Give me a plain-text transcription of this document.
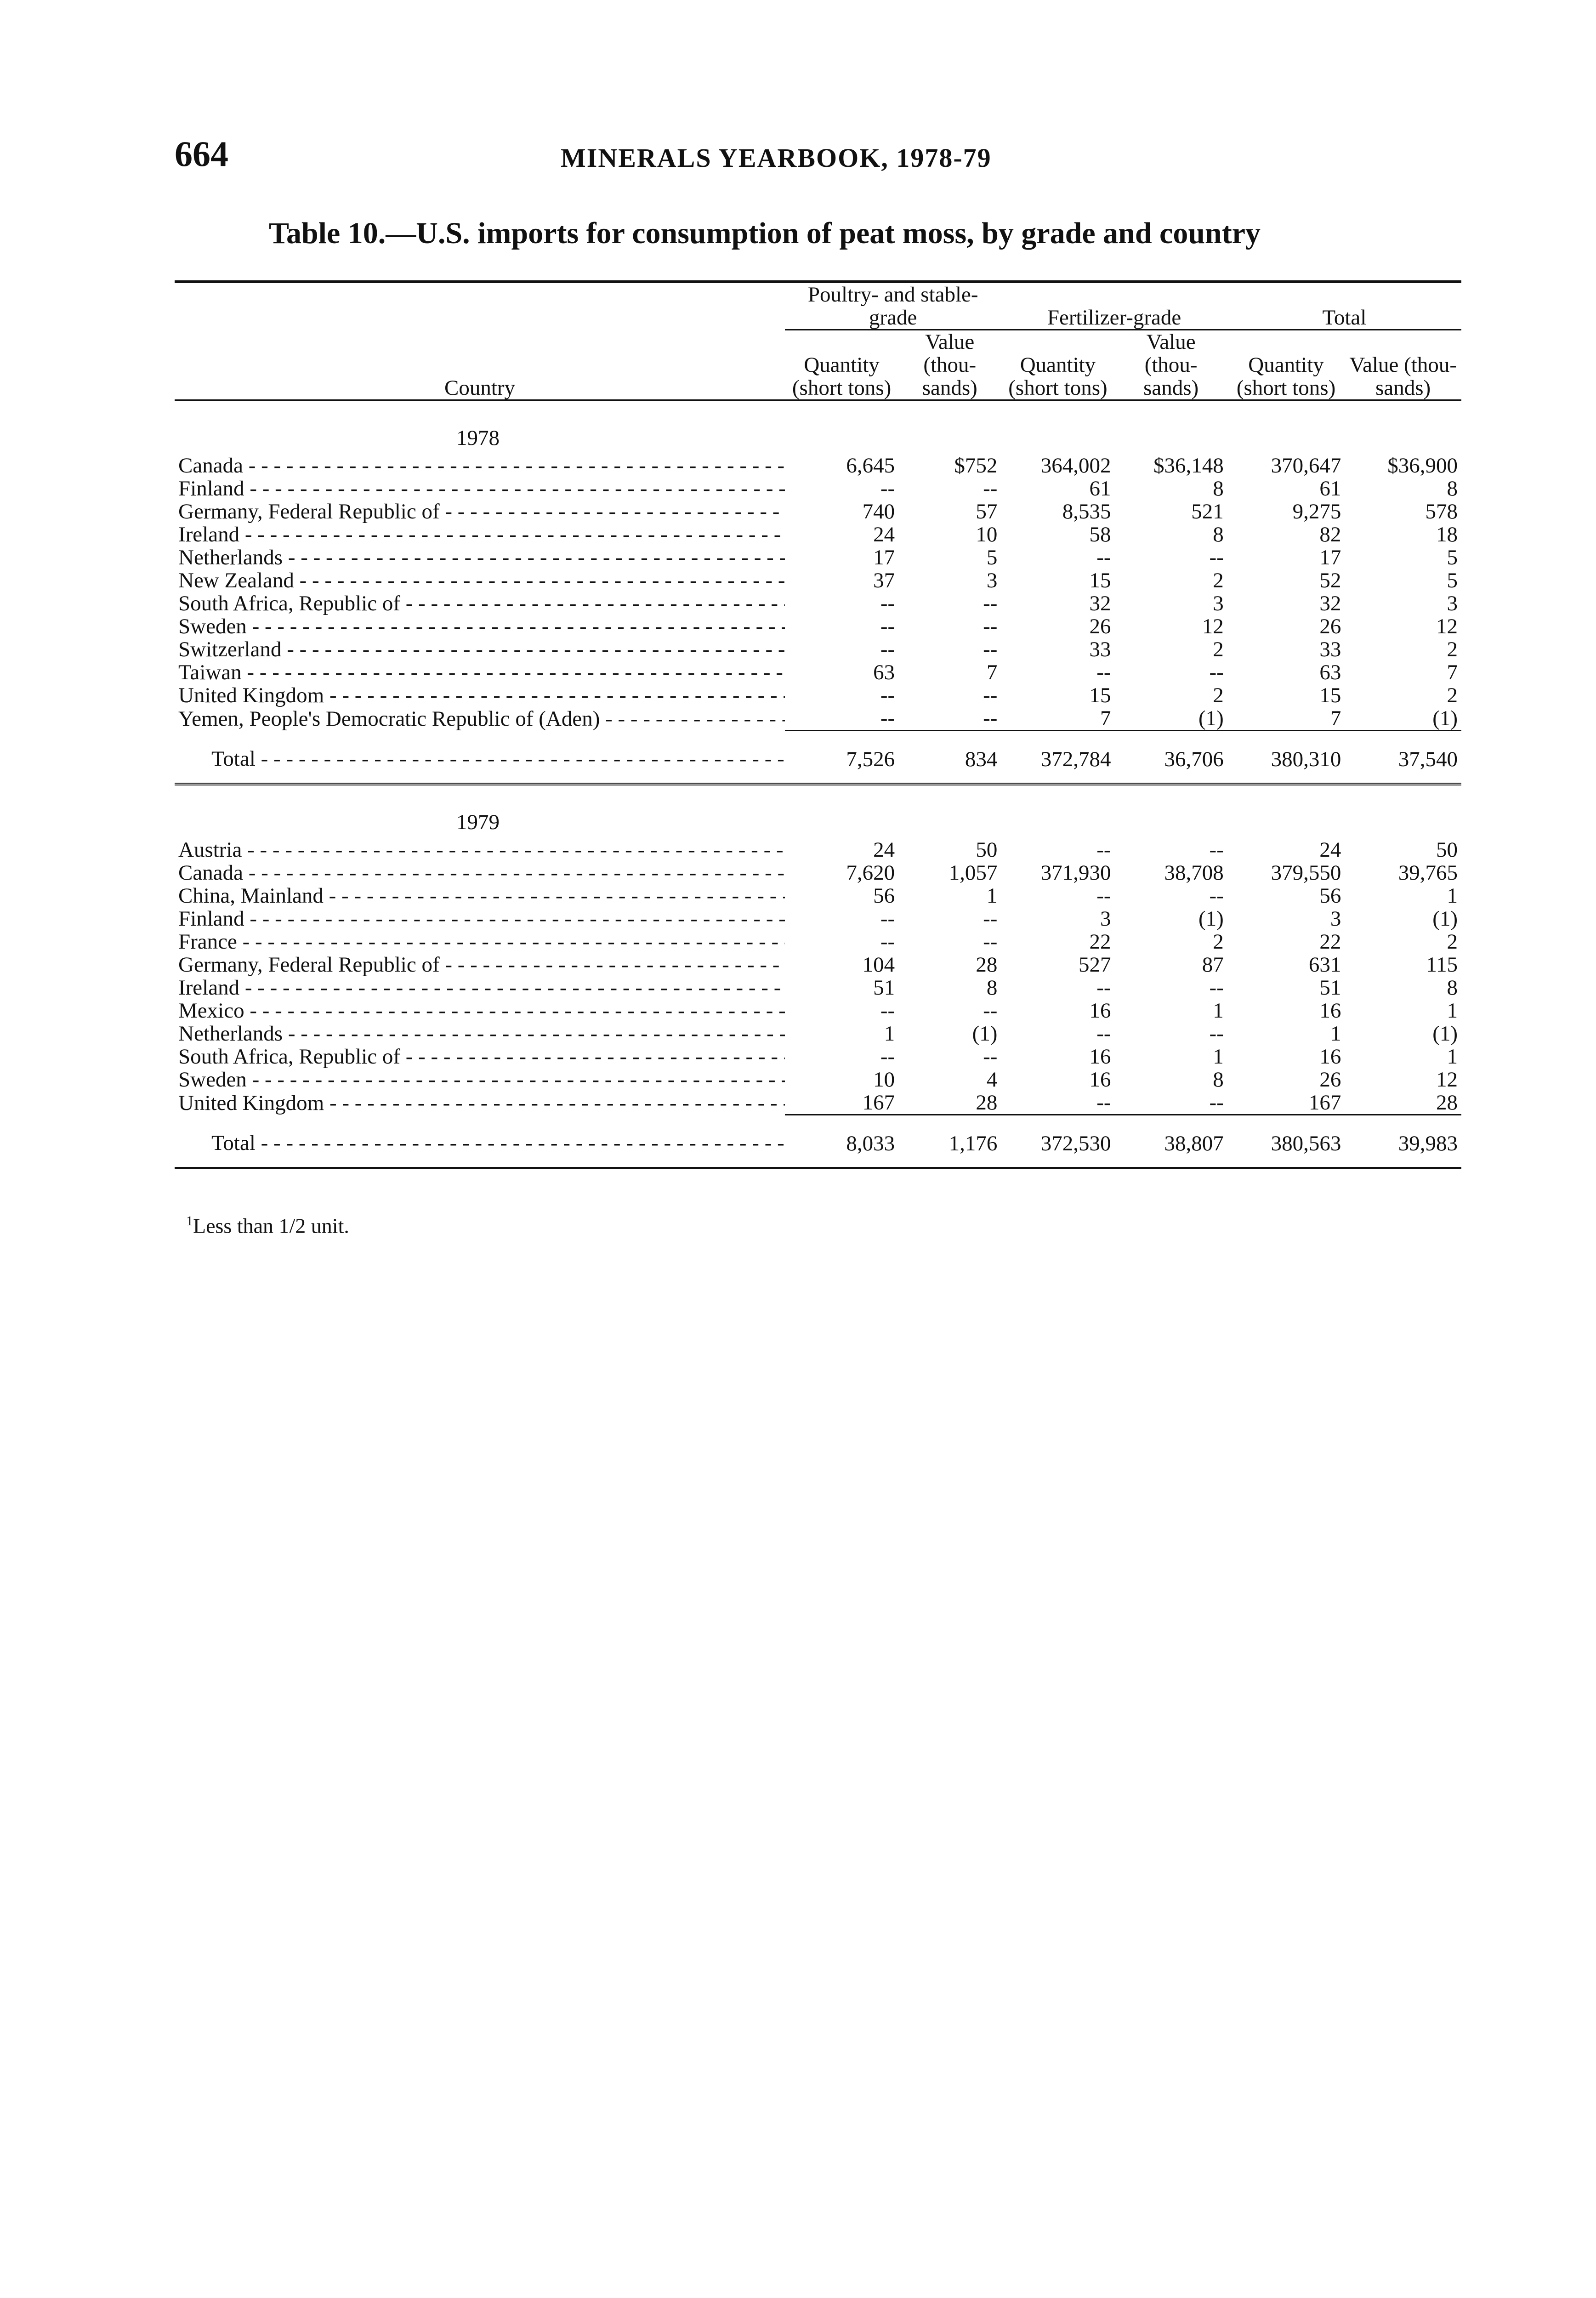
664	MINERALS YEARBOOK, 1978-79
Table 10.—U.S. imports for consumption of peat moss, by grade and country
Country	Poultry- and stable-grade		Fertilizer-grade		Total	
	Quantity (short tons)	Value (thou-sands)	Quantity (short tons)	Value (thou-sands)	Quantity (short tons)	Value (thou-sands)
1978						
Canada - - -	6,645	$752	364,002	$36,148	370,647	$36,900
Finland - - -	--	--	61	8	61	8
Germany, Federal Republic of - - -	740	57	8,535	521	9,275	578
Ireland - - -	24	10	58	8	82	18
Netherlands - - -	17	5	--	--	17	5
New Zealand - - -	37	3	15	2	52	5
South Africa, Republic of - - -	--	--	32	3	32	3
Sweden - - -	--	--	26	12	26	12
Switzerland - - -	--	--	33	2	33	2
Taiwan - - -	63	7	--	--	63	7
United Kingdom - - -	--	--	15	2	15	2
Yemen, People's Democratic Republic of (Aden) - - -	--	--	7	(1)	7	(1)
Total - - -	7,526	834	372,784	36,706	380,310	37,540
1979						
Austria - - -	24	50	--	--	24	50
Canada - - -	7,620	1,057	371,930	38,708	379,550	39,765
China, Mainland - - -	56	1	--	--	56	1
Finland - - -	--	--	3	(1)	3	(1)
France - - -	--	--	22	2	22	2
Germany, Federal Republic of - - -	104	28	527	87	631	115
Ireland - - -	51	8	--	--	51	8
Mexico - - -	--	--	16	1	16	1
Netherlands - - -	1	(1)	--	--	1	(1)
South Africa, Republic of - - -	--	--	16	1	16	1
Sweden - - -	10	4	16	8	26	12
United Kingdom - - -	167	28	--	--	167	28
Total - - -	8,033	1,176	372,530	38,807	380,563	39,983
$^1$Less than 1/2 unit.
